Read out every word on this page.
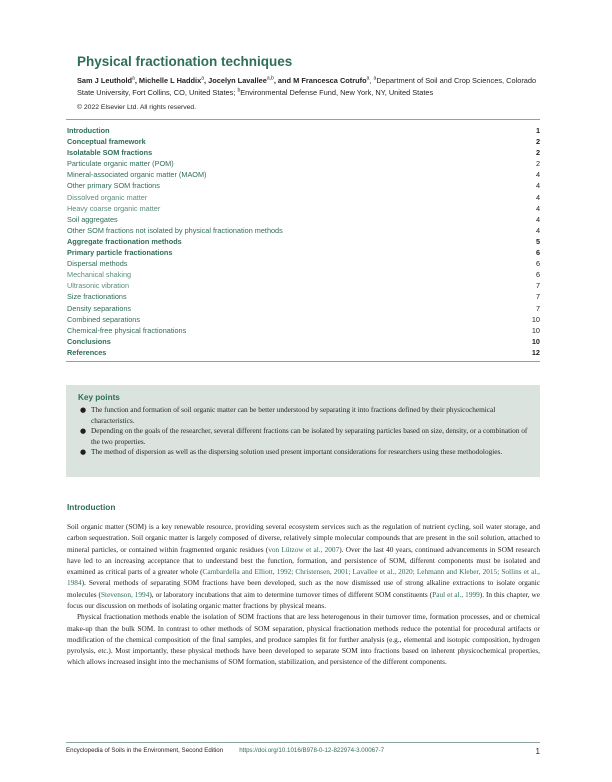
Physical fractionation techniques
Sam J Leuthold$^a$, Michelle L Haddix$^a$, Jocelyn Lavallee$^{a,b}$, and M Francesca Cotrufo$^a$, $^a$Department of Soil and Crop Sciences, Colorado State University, Fort Collins, CO, United States; $^b$Environmental Defense Fund, New York, NY, United States
© 2022 Elsevier Ltd. All rights reserved.
Introduction	1
Conceptual framework	2
Isolatable SOM fractions	2
Particulate organic matter (POM)	2
Mineral-associated organic matter (MAOM)	4
Other primary SOM fractions	4
Dissolved organic matter	4
Heavy coarse organic matter	4
Soil aggregates	4
Other SOM fractions not isolated by physical fractionation methods	4
Aggregate fractionation methods	5
Primary particle fractionations	6
Dispersal methods	6
Mechanical shaking	6
Ultrasonic vibration	7
Size fractionations	7
Density separations	7
Combined separations	10
Chemical-free physical fractionations	10
Conclusions	10
References	12
Key points
● The function and formation of soil organic matter can be better understood by separating it into fractions defined by their physicochemical characteristics.
● Depending on the goals of the researcher, several different fractions can be isolated by separating particles based on size, density, or a combination of the two properties.
● The method of dispersion as well as the dispersing solution used present important considerations for researchers using these methodologies.
Introduction

Soil organic matter (SOM) is a key renewable resource, providing several ecosystem services such as the regulation of nutrient cycling, soil water storage, and carbon sequestration. Soil organic matter is largely composed of diverse, relatively simple molecular compounds that are present in the soil solution, attached to mineral particles, or contained within fragmented organic residues (von Lützow et al., 2007). Over the last 40 years, continued advancements in SOM research have led to an increasing acceptance that to understand best the function, formation, and persistence of SOM, different components must be isolated and examined as critical parts of a greater whole (Cambardella and Elliott, 1992; Christensen, 2001; Lavallee et al., 2020; Lehmann and Kleber, 2015; Sollins et al., 1984). Several methods of separating SOM fractions have been developed, such as the now dismissed use of strong alkaline extractions to isolate organic molecules (Stevenson, 1994), or laboratory incubations that aim to determine turnover times of different SOM constituents (Paul et al., 1999). In this chapter, we focus our discussion on methods of isolating organic matter fractions by physical means.

Physical fractionation methods enable the isolation of SOM fractions that are less heterogenous in their turnover time, formation processes, and or chemical make-up than the bulk SOM. In contrast to other methods of SOM separation, physical fractionation methods reduce the potential for procedural artifacts or modification of the chemical composition of the final samples, and produce samples fit for further analysis (e.g., elemental and isotopic composition, hydrogen pyrolysis, etc.). Most importantly, these physical methods have been developed to separate SOM into fractions based on inherent physicochemical properties, which allows increased insight into the mechanisms of SOM formation, stabilization, and persistence of the different components.

Encyclopedia of Soils in the Environment, Second Edition	https://doi.org/10.1016/B978-0-12-822974-3.00067-7	1
